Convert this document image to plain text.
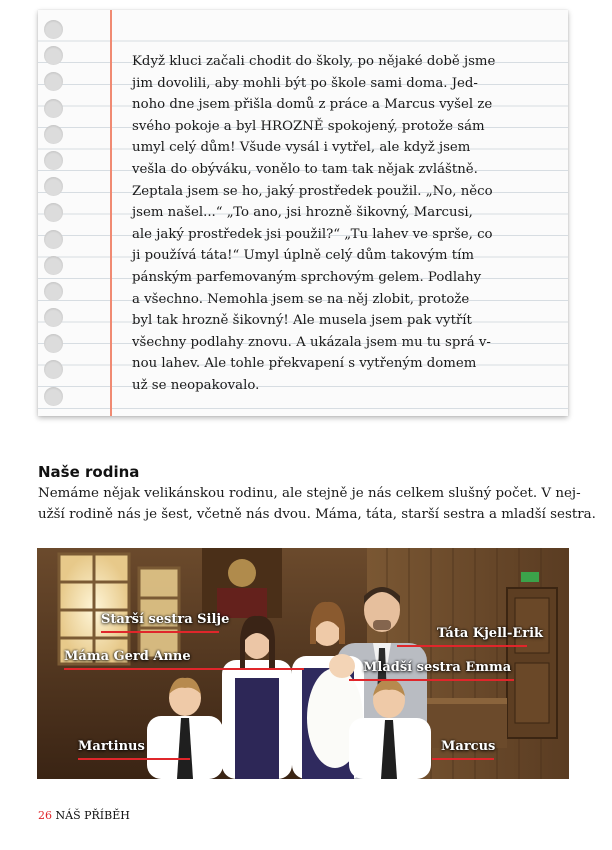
Když kluci začali chodit do školy, po nějaké době jsme
jim dovolili, aby mohli být po škole sami doma. Jed-
noho dne jsem přišla domů z práce a Marcus vyšel ze
svého pokoje a byl HROZNĚ spokojený, protože sám
umyl celý dům! Všude vysál i vytřel, ale když jsem
vešla do obýváku, vonělo to tam tak nějak zvláštně.
Zeptala jsem se ho, jaký prostředek použil. „No, něco
jsem našel...“ „To ano, jsi hrozně šikovný, Marcusi,
ale jaký prostředek jsi použil?“ „Tu lahev ve sprše, co
ji používá táta!“ Umyl úplně celý dům takovým tím
pánským parfemovaným sprchovým gelem. Podlahy
a všechno. Nemohla jsem se na něj zlobit, protože
byl tak hrozně šikovný! Ale musela jsem pak vytřít
všechny podlahy znovu. A ukázala jsem mu tu sprá v-
nou lahev. Ale tohle překvapení s vytřeným domem
už se neopakovalo.
Naše rodina
Nemáme nějak velikánskou rodinu, ale stejně je nás celkem slušný počet. V nej-
užší rodině nás je šest, včetně nás dvou. Máma, táta, starší sestra a mladší sestra.
Starší sestra Silje
Máma Gerd Anne
Táta Kjell-Erik
Mladší sestra Emma
Martinus	Marcus
26 NÁŠ PŘÍBĚH
